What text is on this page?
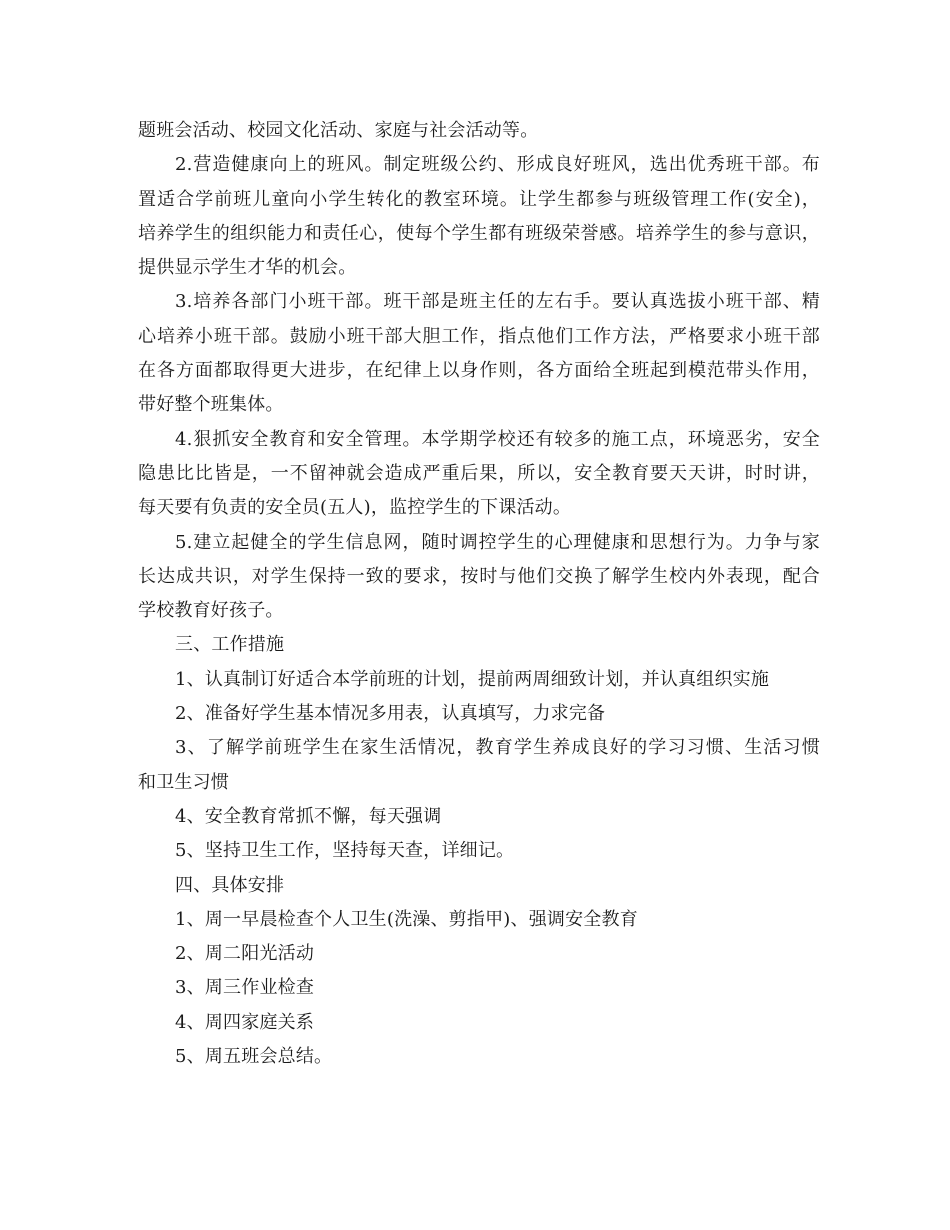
题班会活动、校园文化活动、家庭与社会活动等。
2.营造健康向上的班风。制定班级公约、形成良好班风，选出优秀班干部。布
置适合学前班儿童向小学生转化的教室环境。让学生都参与班级管理工作(安全)，
培养学生的组织能力和责任心，使每个学生都有班级荣誉感。培养学生的参与意识，
提供显示学生才华的机会。
3.培养各部门小班干部。班干部是班主任的左右手。要认真选拔小班干部、精
心培养小班干部。鼓励小班干部大胆工作，指点他们工作方法，严格要求小班干部
在各方面都取得更大进步，在纪律上以身作则，各方面给全班起到模范带头作用，
带好整个班集体。
4.狠抓安全教育和安全管理。本学期学校还有较多的施工点，环境恶劣，安全
隐患比比皆是，一不留神就会造成严重后果，所以，安全教育要天天讲，时时讲，
每天要有负责的安全员(五人)，监控学生的下课活动。
5.建立起健全的学生信息网，随时调控学生的心理健康和思想行为。力争与家
长达成共识，对学生保持一致的要求，按时与他们交换了解学生校内外表现，配合
学校教育好孩子。
三、工作措施
1、认真制订好适合本学前班的计划，提前两周细致计划，并认真组织实施
2、准备好学生基本情况多用表，认真填写，力求完备
3、了解学前班学生在家生活情况，教育学生养成良好的学习习惯、生活习惯
和卫生习惯
4、安全教育常抓不懈，每天强调
5、坚持卫生工作，坚持每天查，详细记。
四、具体安排
1、周一早晨检查个人卫生(洗澡、剪指甲)、强调安全教育
2、周二阳光活动
3、周三作业检查
4、周四家庭关系
5、周五班会总结。
